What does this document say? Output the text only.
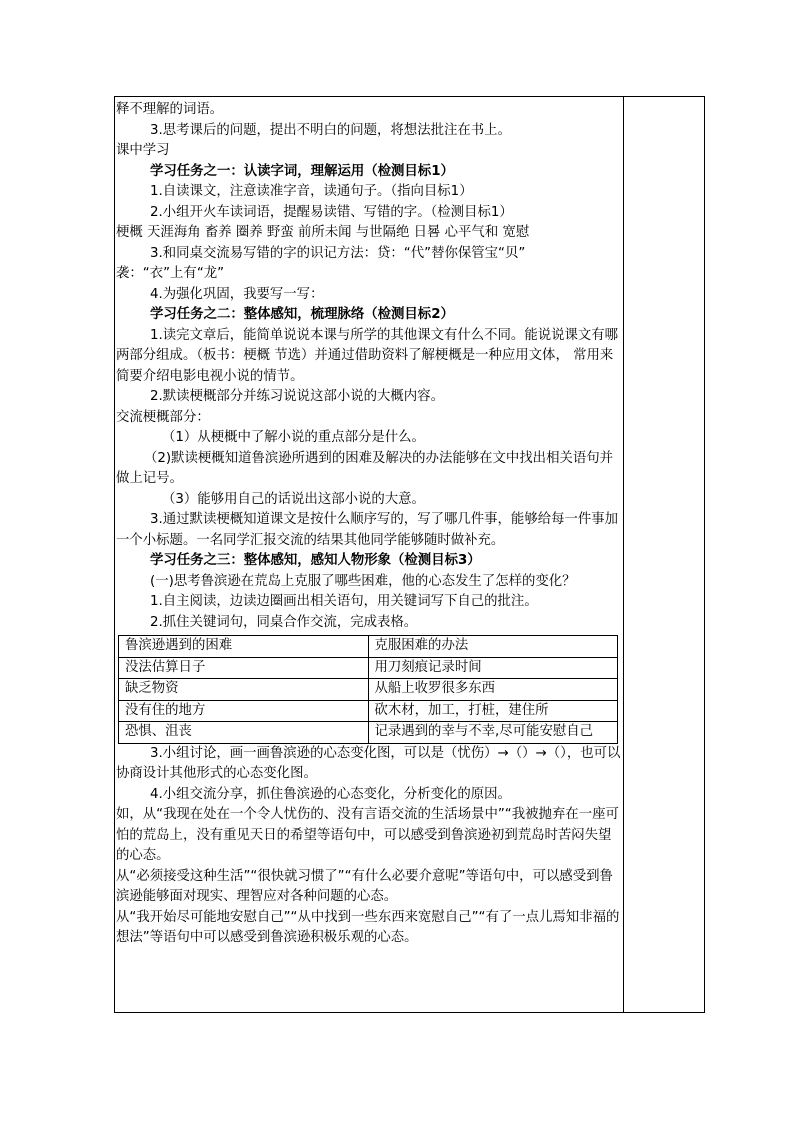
释不理解的词语。

3.思考课后的问题，提出不明白的问题，将想法批注在书上。

课中学习

学习任务之一：认读字词，理解运用（检测目标1）

1.自读课文，注意读准字音，读通句子。（指向目标1）

2.小组开火车读词语，提醒易读错、写错的字。（检测目标1）

梗概 天涯海角 畜养 圈养 野蛮 前所未闻 与世隔绝 日晷 心平气和 宽慰

3.和同桌交流易写错的字的识记方法：贷：“代”替你保管宝“贝”

袭：“衣”上有“龙”

4.为强化巩固，我要写一写：

学习任务之二：整体感知，梳理脉络（检测目标2）

1.读完文章后，能简单说说本课与所学的其他课文有什么不同。能说说课文有哪两部分组成。（板书：梗概 节选）并通过借助资料了解梗概是一种应用文体， 常用来简要介绍电影电视小说的情节。

2.默读梗概部分并练习说说这部小说的大概内容。

交流梗概部分：

（1）从梗概中了解小说的重点部分是什么。

（2)默读梗概知道鲁滨逊所遇到的困难及解决的办法能够在文中找出相关语句并做上记号。

（3）能够用自己的话说出这部小说的大意。

3.通过默读梗概知道课文是按什么顺序写的，写了哪几件事，能够给每一件事加一个小标题。一名同学汇报交流的结果其他同学能够随时做补充。

学习任务之三：整体感知，感知人物形象（检测目标3）

(一)思考鲁滨逊在荒岛上克服了哪些困难，他的心态发生了怎样的变化？

1.自主阅读，边读边圈画出相关语句，用关键词写下自己的批注。

2.抓住关键词句，同桌合作交流，完成表格。

鲁滨逊遇到的困难	克服困难的办法
没法估算日子	用刀刻痕记录时间
缺乏物资	从船上收罗很多东西
没有住的地方	砍木材，加工，打桩，建住所
恐惧、沮丧	记录遇到的幸与不幸,尽可能安慰自己

3.小组讨论，画一画鲁滨逊的心态变化图，可以是（忧伤）→（）→（），也可以协商设计其他形式的心态变化图。

4.小组交流分享，抓住鲁滨逊的心态变化，分析变化的原因。

如，从“我现在处在一个令人忧伤的、没有言语交流的生活场景中”“我被抛弃在一座可怕的荒岛上，没有重见天日的希望等语句中，可以感受到鲁滨逊初到荒岛时苦闷失望的心态。

从“必须接受这种生活”“很快就习惯了”“有什么必要介意呢”等语句中，可以感受到鲁滨逊能够面对现实、理智应对各种问题的心态。

从“我开始尽可能地安慰自己”“从中找到一些东西来宽慰自己”“有了一点儿焉知非福的想法”等语句中可以感受到鲁滨逊积极乐观的心态。
